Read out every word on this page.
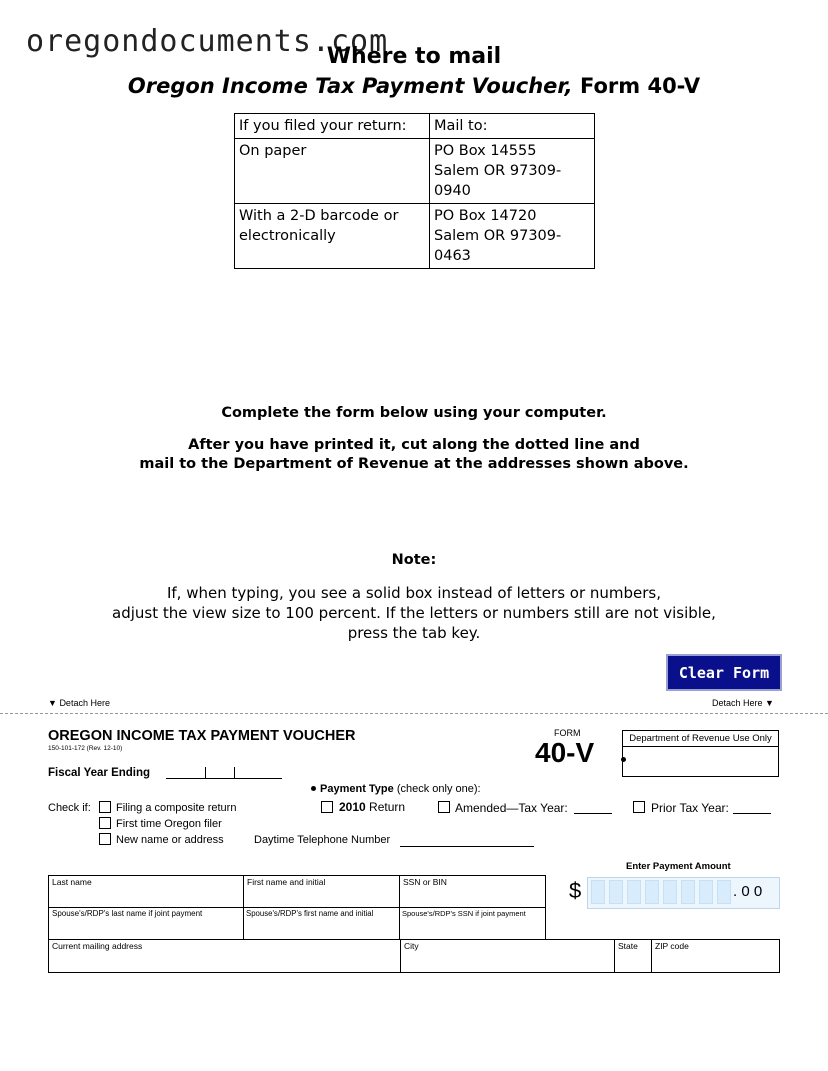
oregondocuments.com
Where to mail
Oregon Income Tax Payment Voucher, Form 40-V
If you filed your return:	Mail to:
On paper	PO Box 14555
Salem OR 97309-0940

With a 2-D barcode or electronically	PO Box 14720
Salem OR 97309-0463
Complete the form below using your computer.
After you have printed it, cut along the dotted line and
mail to the Department of Revenue at the addresses shown above.
Note:
If, when typing, you see a solid box instead of letters or numbers,
adjust the view size to 100 percent. If the letters or numbers still are not visible,
press the tab key.
Clear Form
▼ Detach Here	Detach Here ▼
OREGON INCOME TAX PAYMENT VOUCHER
150-101-172 (Rev. 12-10)
FORM
40-V	Department of Revenue Use Only
Fiscal Year Ending
Payment Type (check only one):
2010 Return	Amended—Tax Year:	Prior Tax Year:
Check if: Filing a composite return
First time Oregon filer
New name or address	Daytime Telephone Number
Enter Payment Amount
$	. 0 0
Last name	First name and initial	SSN or BIN
Spouse's/RDP's last name if joint payment	Spouse's/RDP's first name and initial	Spouse's/RDP's SSN if joint payment
Current mailing address	City	State ZIP code
